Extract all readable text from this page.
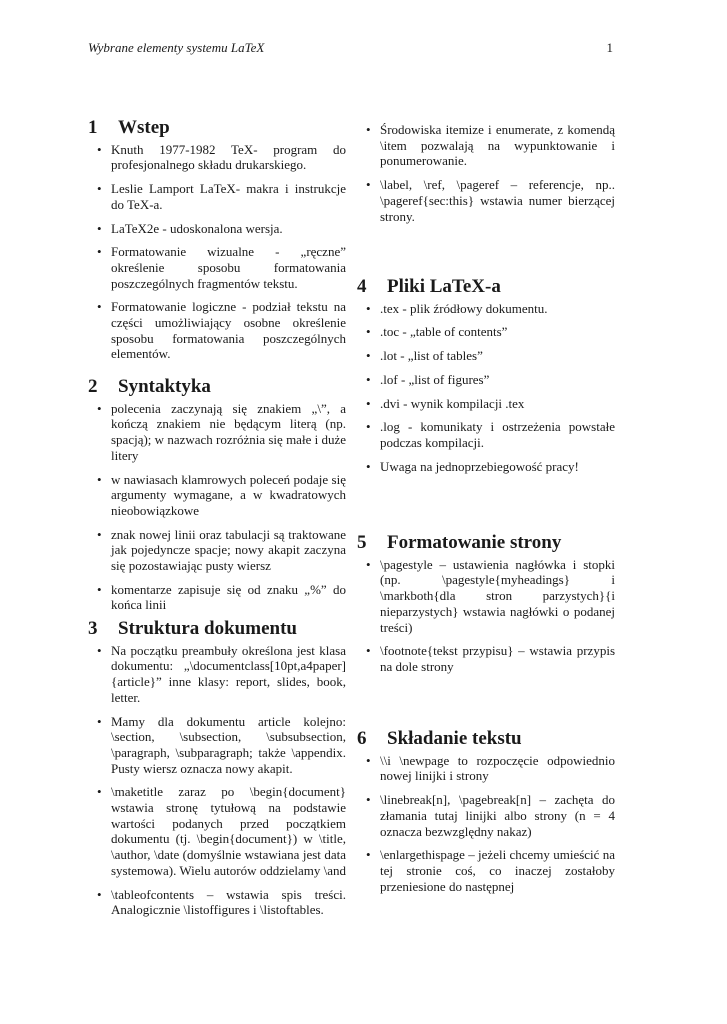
Wybrane elementy systemu LaTeX	1
1	Wstep
• Knuth 1977-1982 TeX- program do profesjonalnego składu drukarskiego.
• Leslie Lamport LaTeX- makra i instrukcje do TeX-a.
• LaTeX2e - udoskonalona wersja.
• Formatowanie wizualne - „ręczne” określenie sposobu formatowania poszczególnych fragmentów tekstu.
• Formatowanie logiczne - podział tekstu na części umożliwiający osobne określenie sposobu formatowania poszczególnych elementów.
2	Syntaktyka
• polecenia zaczynają się znakiem „\”, a kończą znakiem nie będącym literą (np. spacją); w nazwach rozróżnia się małe i duże litery
• w nawiasach klamrowych poleceń podaje się argumenty wymagane, a w kwadratowych nieobowiązkowe
• znak nowej linii oraz tabulacji są traktowane jak pojedyncze spacje; nowy akapit zaczyna się pozostawiając pusty wiersz
• komentarze zapisuje się od znaku „%” do końca linii
3	Struktura dokumentu
• Na początku preambuły określona jest klasa dokumentu: „\documentclass[10pt,a4paper]{article}” inne klasy: report, slides, book, letter.
• Mamy dla dokumentu article kolejno: \section, \subsection, \subsubsection, \paragraph, \subparagraph; także \appendix. Pusty wiersz oznacza nowy akapit.
• \maketitle zaraz po \begin{document} wstawia stronę tytułową na podstawie wartości podanych przed początkiem dokumentu (tj. \begin{document}) w \title, \author, \date (domyślnie wstawiana jest data systemowa). Wielu autorów oddzielamy \and
• \tableofcontents – wstawia spis treści. Analogicznie \listoffigures i \listoftables.
• Środowiska itemize i enumerate, z komendą \item pozwalają na wypunktowanie i ponumerowanie.
• \label, \ref, \pageref – referencje, np.. \pageref{sec:this} wstawia numer bierzącej strony.
4	Pliki LaTeX-a
• .tex - plik źródłowy dokumentu.
• .toc - „table of contents”
• .lot - „list of tables”
• .lof - „list of figures”
• .dvi - wynik kompilacji .tex
• .log - komunikaty i ostrzeżenia powstałe podczas kompilacji.
• Uwaga na jednoprzebiegowość pracy!
5	Formatowanie strony
• \pagestyle – ustawienia nagłówka i stopki (np. \pagestyle{myheadings} i \markboth{dla stron parzystych}{i nieparzystych} wstawia nagłówki o podanej treści)
• \footnote{tekst przypisu} – wstawia przypis na dole strony
6	Składanie tekstu
• \\i \newpage to rozpoczęcie odpowiednio nowej linijki i strony
• \linebreak[n], \pagebreak[n] – zachęta do złamania tutaj linijki albo strony (n = 4 oznacza bezwzględny nakaz)
• \enlargethispage – jeżeli chcemy umieścić na tej stronie coś, co inaczej zostałoby przeniesione do następnej
